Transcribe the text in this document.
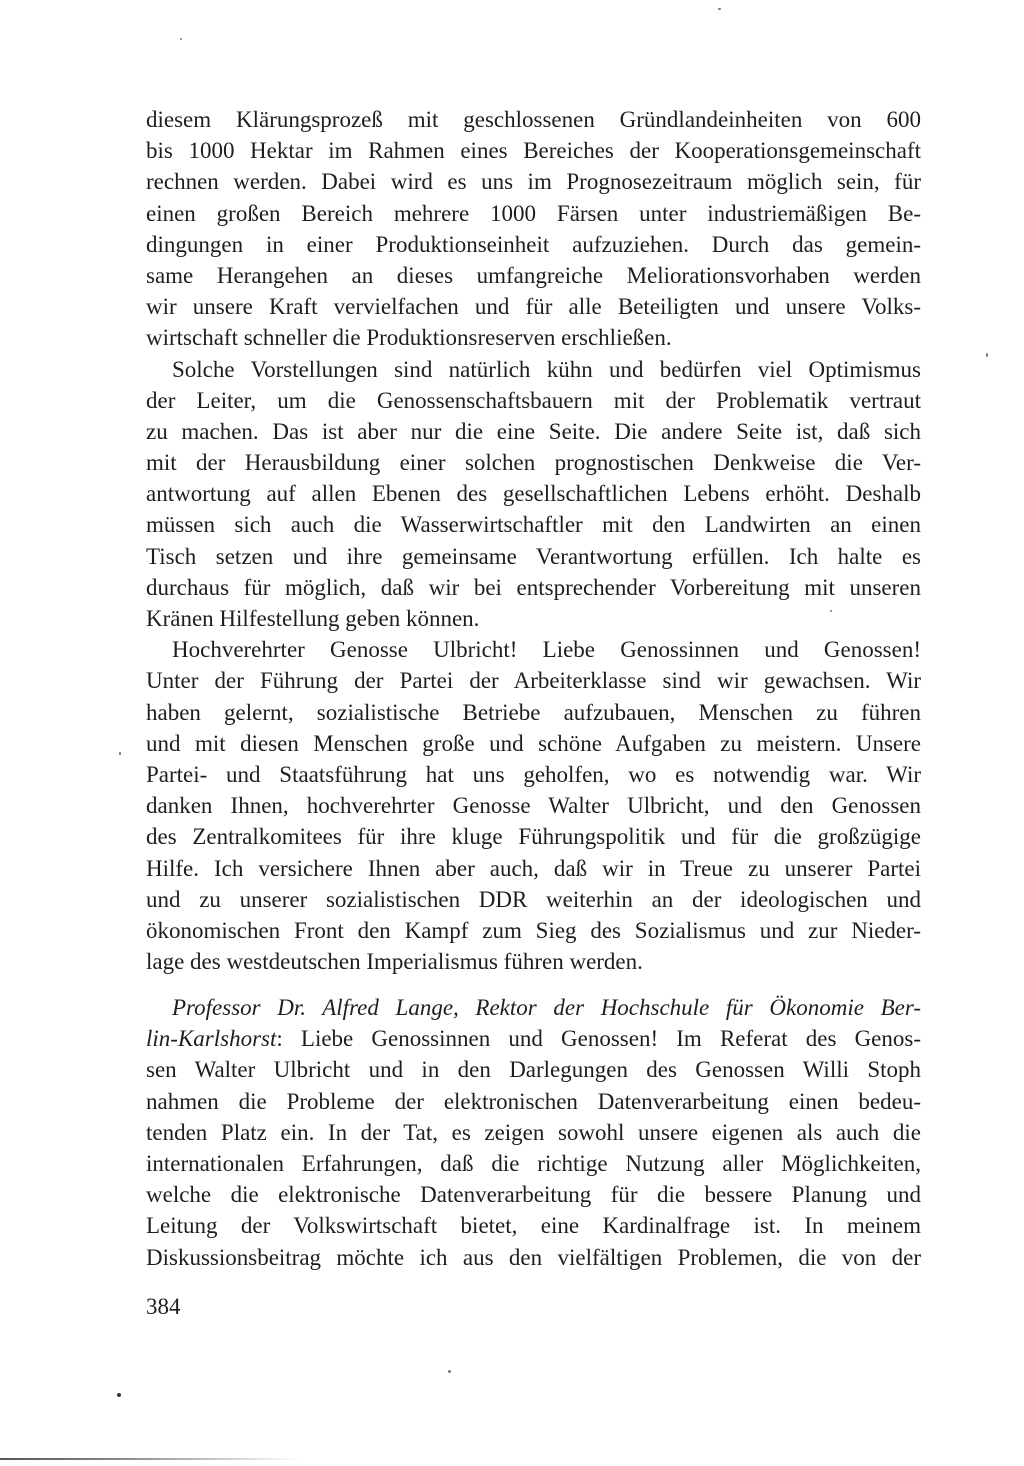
diesem Klärungsprozeß mit geschlossenen Gründlandeinheiten von 600
bis 1000 Hektar im Rahmen eines Bereiches der Kooperationsgemeinschaft
rechnen werden. Dabei wird es uns im Prognosezeitraum möglich sein, für
einen großen Bereich mehrere 1000 Färsen unter industriemäßigen Be-
dingungen in einer Produktionseinheit aufzuziehen. Durch das gemein-
same Herangehen an dieses umfangreiche Meliorationsvorhaben werden
wir unsere Kraft vervielfachen und für alle Beteiligten und unsere Volks-
wirtschaft schneller die Produktionsreserven erschließen.
Solche Vorstellungen sind natürlich kühn und bedürfen viel Optimismus
der Leiter, um die Genossenschaftsbauern mit der Problematik vertraut
zu machen. Das ist aber nur die eine Seite. Die andere Seite ist, daß sich
mit der Herausbildung einer solchen prognostischen Denkweise die Ver-
antwortung auf allen Ebenen des gesellschaftlichen Lebens erhöht. Deshalb
müssen sich auch die Wasserwirtschaftler mit den Landwirten an einen
Tisch setzen und ihre gemeinsame Verantwortung erfüllen. Ich halte es
durchaus für möglich, daß wir bei entsprechender Vorbereitung mit unseren
Kränen Hilfestellung geben können.
Hochverehrter Genosse Ulbricht! Liebe Genossinnen und Genossen!
Unter der Führung der Partei der Arbeiterklasse sind wir gewachsen. Wir
haben gelernt, sozialistische Betriebe aufzubauen, Menschen zu führen
und mit diesen Menschen große und schöne Aufgaben zu meistern. Unsere
Partei- und Staatsführung hat uns geholfen, wo es notwendig war. Wir
danken Ihnen, hochverehrter Genosse Walter Ulbricht, und den Genossen
des Zentralkomitees für ihre kluge Führungspolitik und für die großzügige
Hilfe. Ich versichere Ihnen aber auch, daß wir in Treue zu unserer Partei
und zu unserer sozialistischen DDR weiterhin an der ideologischen und
ökonomischen Front den Kampf zum Sieg des Sozialismus und zur Nieder-
lage des westdeutschen Imperialismus führen werden.
Professor Dr. Alfred Lange, Rektor der Hochschule für Ökonomie Ber-
lin-Karlshorst: Liebe Genossinnen und Genossen! Im Referat des Genos-
sen Walter Ulbricht und in den Darlegungen des Genossen Willi Stoph
nahmen die Probleme der elektronischen Datenverarbeitung einen bedeu-
tenden Platz ein. In der Tat, es zeigen sowohl unsere eigenen als auch die
internationalen Erfahrungen, daß die richtige Nutzung aller Möglichkeiten,
welche die elektronische Datenverarbeitung für die bessere Planung und
Leitung der Volkswirtschaft bietet, eine Kardinalfrage ist. In meinem
Diskussionsbeitrag möchte ich aus den vielfältigen Problemen, die von der
384
